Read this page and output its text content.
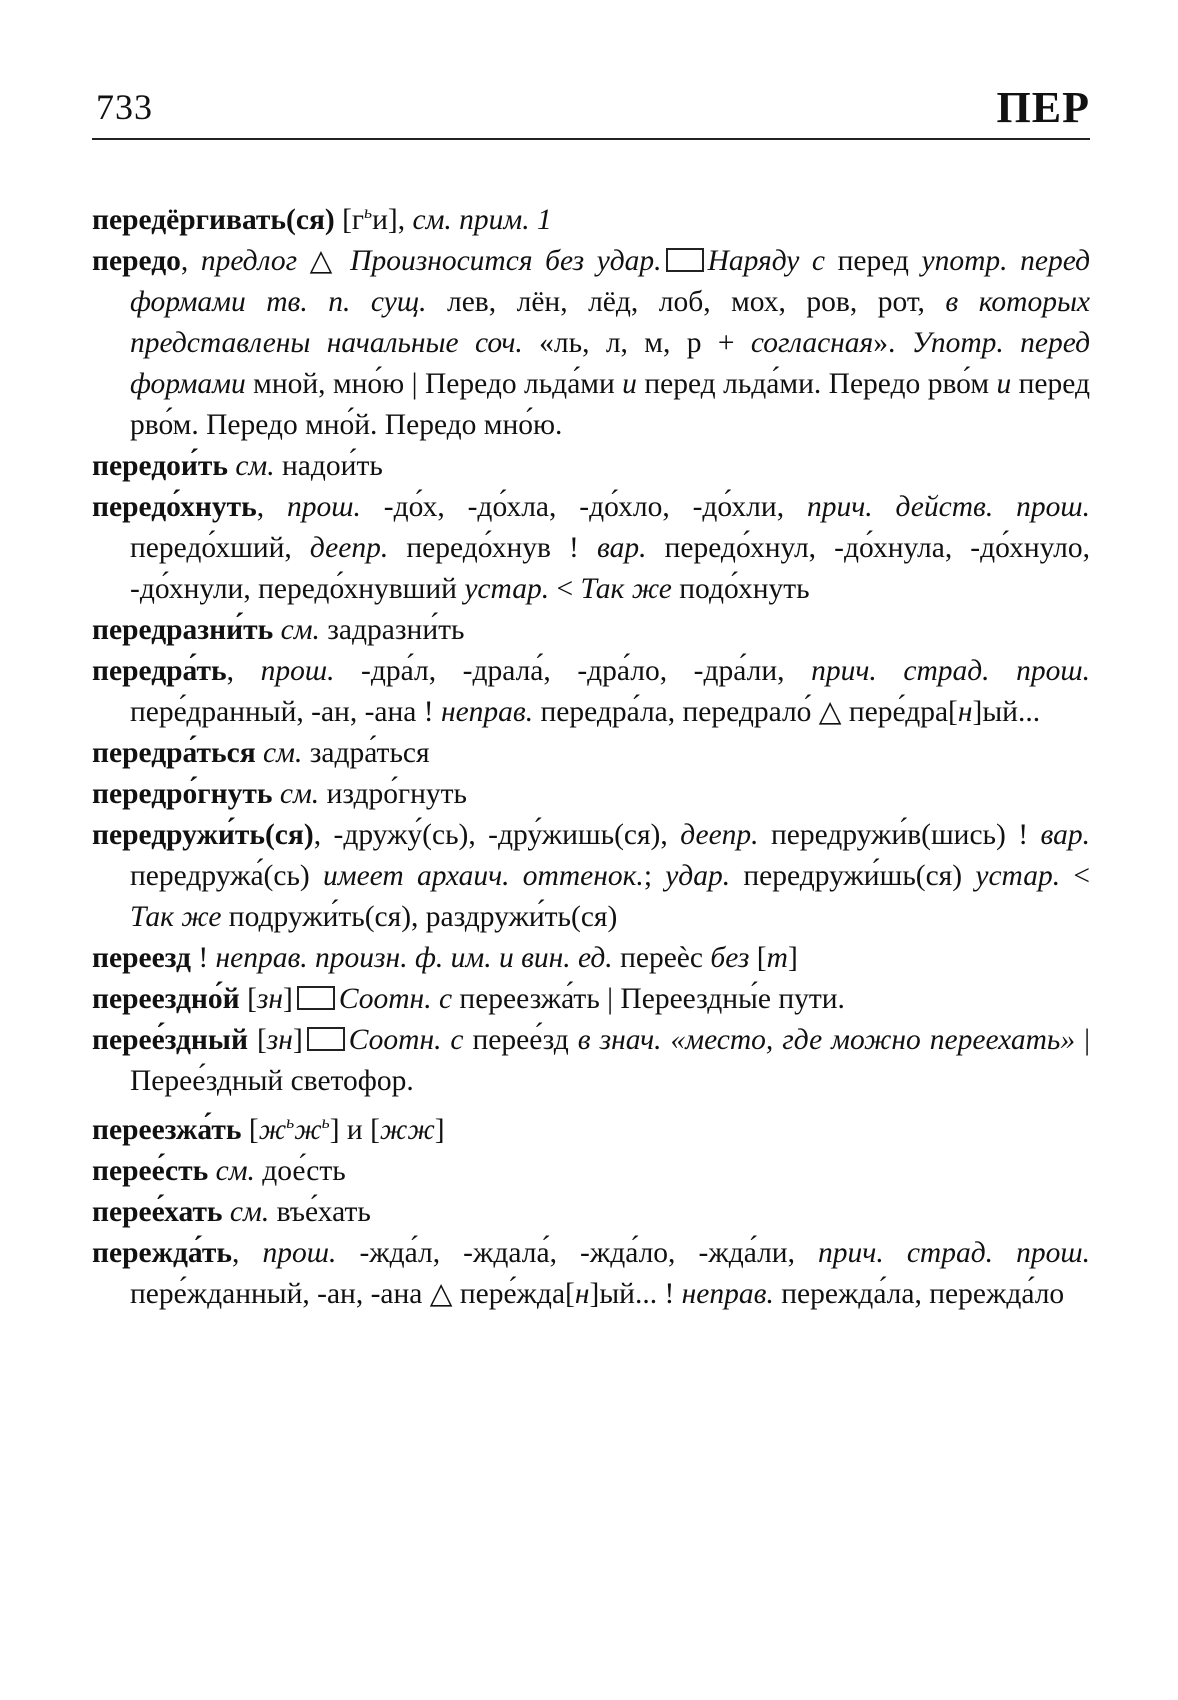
733	ПЕР

передёргивать(ся) $[г^ьи]$, см. прим. 1

передо, предлог △ Произносится без удар. Наряду с перед употр. перед формами тв. п. сущ. лев, лён, лёд, лоб, мох, ров, рот, в которых представлены начальные соч. «ль, л, м, р + согласная». Употр. перед формами мной, мно́ю | Передо льда́ми и перед льда́ми. Передо рво́м и перед рво́м. Передо мно́й. Передо мно́ю.

передои́ть см. надои́ть

передо́хнуть, прош. -до́х, -до́хла, -до́хло, -до́хли, прич. действ. прош. передо́хший, деепр. передо́хнув ! вар. передо́хнул, -до́хнула, -до́хнуло, -до́хнули, передо́хнувший устар. < Так же подо́хнуть

передразни́ть см. задразни́ть

передра́ть, прош. -дра́л, -драла́, -дра́ло, -дра́ли, прич. страд. прош. пере́дранный, -ан, -ана ! неправ. передра́ла, передрало́ △ пере́дра[н]ый...

передра́ться см. задра́ться

передро́гнуть см. издро́гнуть

передружи́ть(ся), -дружу́(сь), -дру́жишь(ся), деепр. передружи́в(шись) ! вар. передружа́(сь) имеет архаич. оттенок.; удар. передружи́шь(ся) устар. < Так же подружи́ть(ся), раздружи́ть(ся)

переезд ! неправ. произн. ф. им. и вин. ед. переѐс без [т]

переездно́й [зн] Соотн. с переезжа́ть | Переездны́е пути.

перее́здный [зн] Соотн. с перее́зд в знач. «место, где можно переехать» | Перее́здный светофор.

переезжа́ть $[ж^ьж^ь]$ и [жж]

перее́сть см. дое́сть

перее́хать см. въе́хать

пережда́ть, прош. -жда́л, -ждала́, -жда́ло, -жда́ли, прич. страд. прош. пере́жданный, -ан, -ана △ пере́жда[н]ый... ! неправ. пережда́ла, пережда́ло
